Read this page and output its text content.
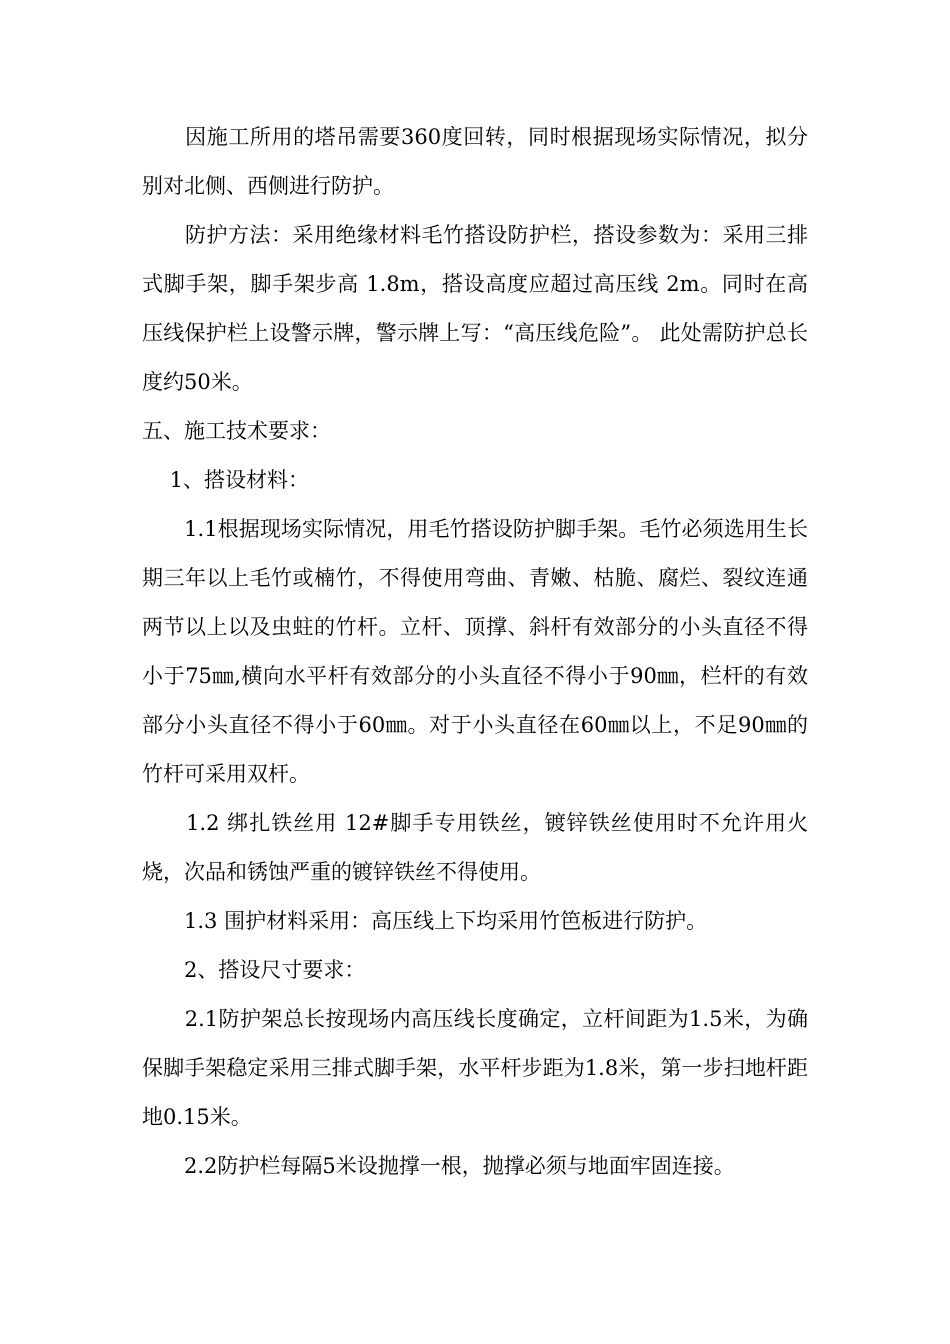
　　因施工所用的塔吊需要360度回转，同时根据现场实际情况，拟分别对北侧、西侧进行防护。

　　防护方法：采用绝缘材料毛竹搭设防护栏，搭设参数为：采用三排式脚手架，脚手架步高 1.8m，搭设高度应超过高压线 2m。同时在高压线保护栏上设警示牌，警示牌上写：“高压线危险”。 此处需防护总长度约50米。

五、施工技术要求：

　 1、搭设材料：

　　1.1根据现场实际情况，用毛竹搭设防护脚手架。毛竹必须选用生长期三年以上毛竹或楠竹，不得使用弯曲、青嫩、枯脆、腐烂、裂纹连通两节以上以及虫蛀的竹杆。立杆、顶撑、斜杆有效部分的小头直径不得小于75㎜,横向水平杆有效部分的小头直径不得小于90㎜，栏杆的有效部分小头直径不得小于60㎜。对于小头直径在60㎜以上，不足90㎜的竹杆可采用双杆。

　　1.2 绑扎铁丝用 12#脚手专用铁丝，镀锌铁丝使用时不允许用火烧，次品和锈蚀严重的镀锌铁丝不得使用。

　　1.3 围护材料采用：高压线上下均采用竹笆板进行防护。

　　2、搭设尺寸要求：

　　2.1防护架总长按现场内高压线长度确定，立杆间距为1.5米，为确保脚手架稳定采用三排式脚手架，水平杆步距为1.8米，第一步扫地杆距地0.15米。

　　2.2防护栏每隔5米设抛撑一根，抛撑必须与地面牢固连接。
